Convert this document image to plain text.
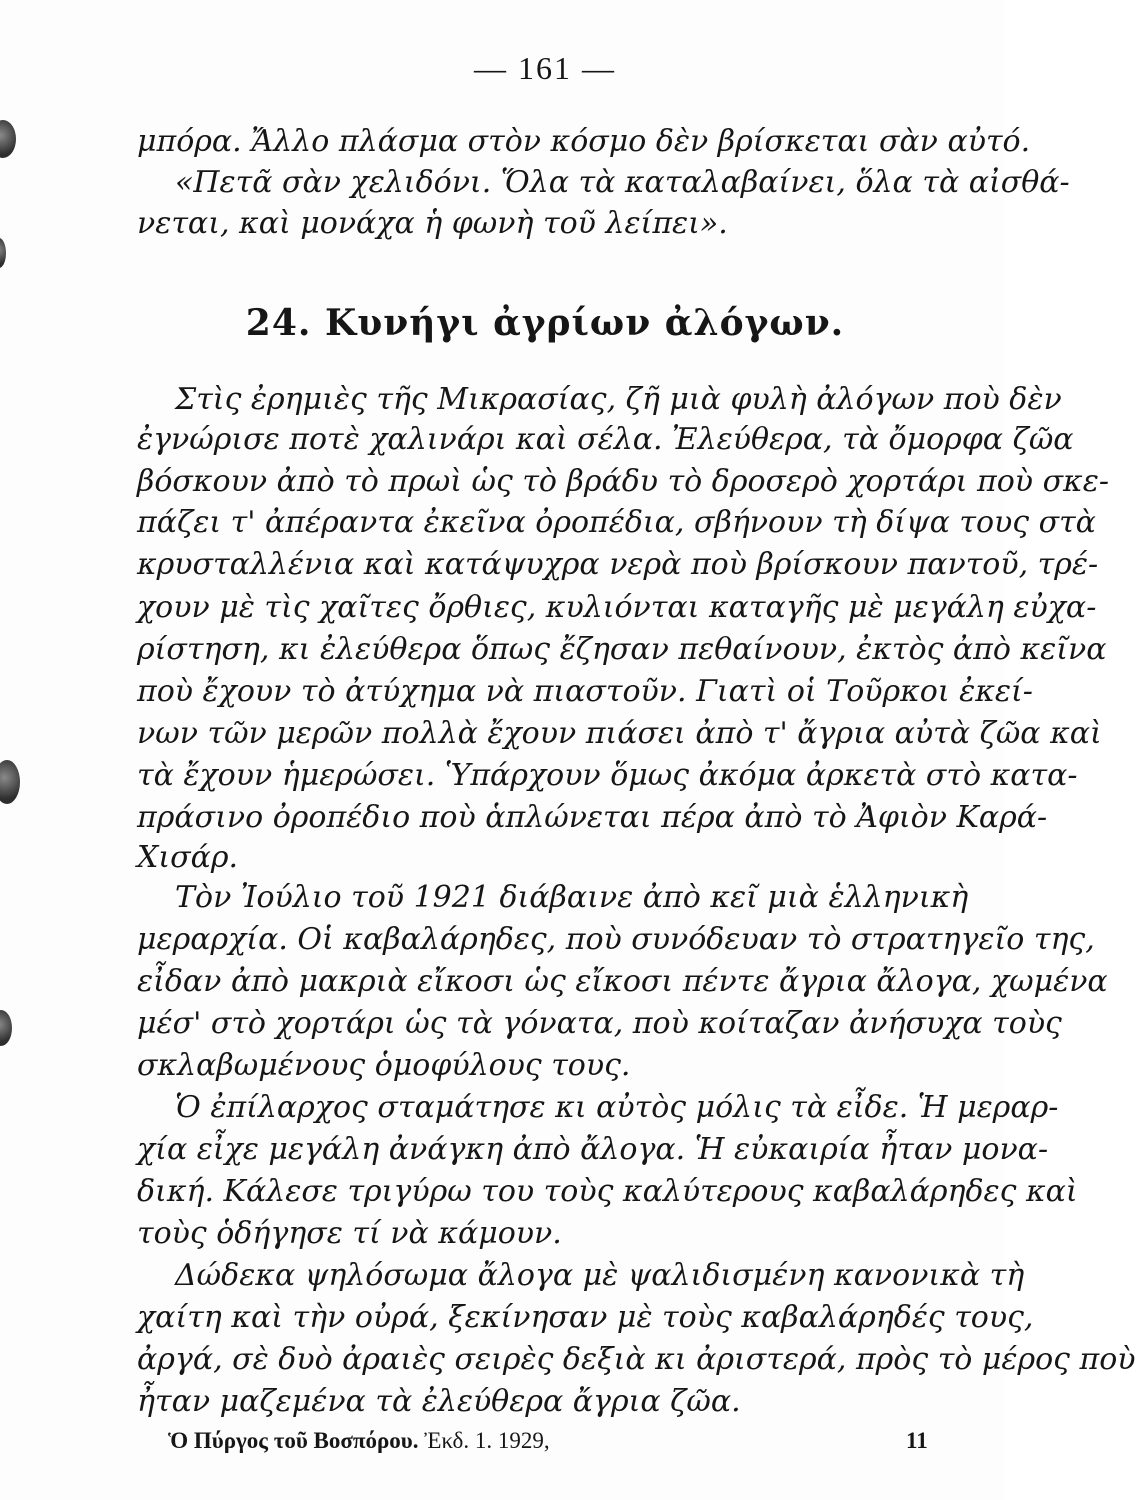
— 161 —
μπόρα. Ἄλλο πλάσμα στὸν κόσμο δὲν βρίσκεται σὰν αὐτό.
«Πετᾶ σὰν χελιδόνι. Ὅλα τὰ καταλαβαίνει, ὅλα τὰ αἰσθά-
νεται, καὶ μονάχα ἡ φωνὴ τοῦ λείπει».
24. Κυνήγι ἀγρίων ἀλόγων.
Στὶς ἐρημιὲς τῆς Μικρασίας, ζῆ μιὰ φυλὴ ἀλόγων ποὺ δὲν
ἐγνώρισε ποτὲ χαλινάρι καὶ σέλα. Ἐλεύθερα, τὰ ὄμορφα ζῶα
βόσκουν ἀπὸ τὸ πρωὶ ὡς τὸ βράδυ τὸ δροσερὸ χορτάρι ποὺ σκε-
πάζει τ' ἀπέραντα ἐκεῖνα ὀροπέδια, σβήνουν τὴ δίψα τους στὰ
κρυσταλλένια καὶ κατάψυχρα νερὰ ποὺ βρίσκουν παντοῦ, τρέ-
χουν μὲ τὶς χαῖτες ὄρθιες, κυλιόνται καταγῆς μὲ μεγάλη εὐχα-
ρίστηση, κι ἐλεύθερα ὅπως ἔζησαν πεθαίνουν, ἐκτὸς ἀπὸ κεῖνα
ποὺ ἔχουν τὸ ἀτύχημα νὰ πιαστοῦν. Γιατὶ οἱ Τοῦρκοι ἐκεί-
νων τῶν μερῶν πολλὰ ἔχουν πιάσει ἀπὸ τ' ἄγρια αὐτὰ ζῶα καὶ
τὰ ἔχουν ἡμερώσει. Ὑπάρχουν ὅμως ἀκόμα ἀρκετὰ στὸ κατα-
πράσινο ὀροπέδιο ποὺ ἁπλώνεται πέρα ἀπὸ τὸ Ἀφιὸν Καρά-
Χισάρ.
Τὸν Ἰούλιο τοῦ 1921 διάβαινε ἀπὸ κεῖ μιὰ ἑλληνικὴ
μεραρχία. Οἱ καβαλάρηδες, ποὺ συνόδευαν τὸ στρατηγεῖο της,
εἶδαν ἀπὸ μακριὰ εἴκοσι ὡς εἴκοσι πέντε ἄγρια ἄλογα, χωμένα
μέσ' στὸ χορτάρι ὡς τὰ γόνατα, ποὺ κοίταζαν ἀνήσυχα τοὺς
σκλαβωμένους ὁμοφύλους τους.
Ὁ ἐπίλαρχος σταμάτησε κι αὐτὸς μόλις τὰ εἶδε. Ἡ μεραρ-
χία εἶχε μεγάλη ἀνάγκη ἀπὸ ἄλογα. Ἡ εὐκαιρία ἦταν μονα-
δική. Κάλεσε τριγύρω του τοὺς καλύτερους καβαλάρηδες καὶ
τοὺς ὁδήγησε τί νὰ κάμουν.
Δώδεκα ψηλόσωμα ἄλογα μὲ ψαλιδισμένη κανονικὰ τὴ
χαίτη καὶ τὴν οὐρά, ξεκίνησαν μὲ τοὺς καβαλάρηδές τους,
ἀργά, σὲ δυὸ ἀραιὲς σειρὲς δεξιὰ κι ἀριστερά, πρὸς τὸ μέρος ποὺ
ἦταν μαζεμένα τὰ ἐλεύθερα ἄγρια ζῶα.
Ὁ Πύργος τοῦ Βοσπόρου. Ἐκδ. 1. 1929,	11
